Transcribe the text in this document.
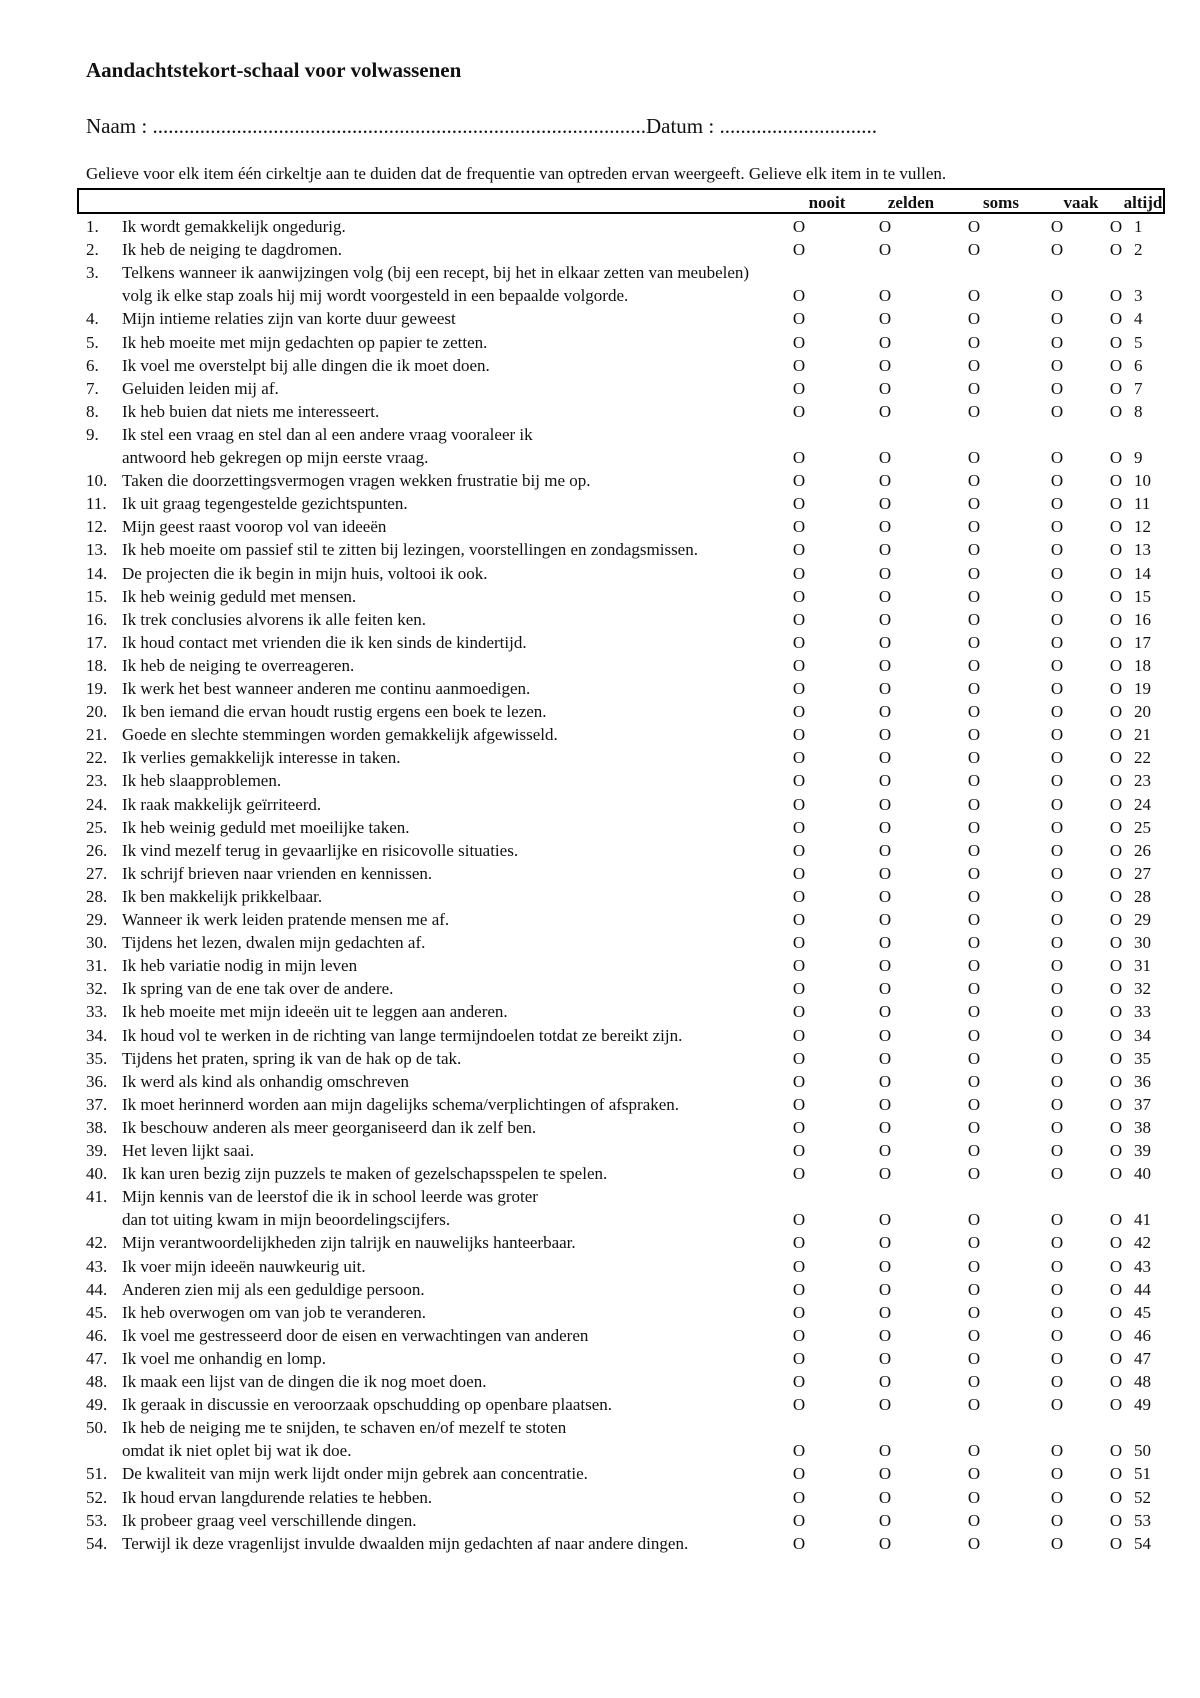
Aandachtstekort-schaal voor volwassenen
Naam : ..............................................................................................Datum : ..............................
Gelieve voor elk item één cirkeltje aan te duiden dat de frequentie van optreden ervan weergeeft. Gelieve elk item in te vullen.
nooit	zelden	soms	vaak	altijd
1.	Ik wordt gemakkelijk ongedurig.	O	O	O	O	O 1
2.	Ik heb de neiging te dagdromen.	O	O	O	O	O 2
3.	Telkens wanneer ik aanwijzingen volg (bij een recept, bij het in elkaar zetten van meubelen)
volg ik elke stap zoals hij mij wordt voorgesteld in een bepaalde volgorde.	O	O	O	O	O 3
4.	Mijn intieme relaties zijn van korte duur geweest	O	O	O	O	O 4
5.	Ik heb moeite met mijn gedachten op papier te zetten.	O	O	O	O	O 5
6.	Ik voel me overstelpt bij alle dingen die ik moet doen.	O	O	O	O	O 6
7.	Geluiden leiden mij af.	O	O	O	O	O 7
8.	Ik heb buien dat niets me interesseert.	O	O	O	O	O 8
9.	Ik stel een vraag en stel dan al een andere vraag vooraleer ik
antwoord heb gekregen op mijn eerste vraag.	O	O	O	O	O 9
10. Taken die doorzettingsvermogen vragen wekken frustratie bij me op.	O	O	O	O	O 10
11. Ik uit graag tegengestelde gezichtspunten.	O	O	O	O	O 11
12. Mijn geest raast voorop vol van ideeën	O	O	O	O	O 12
13. Ik heb moeite om passief stil te zitten bij lezingen, voorstellingen en zondagsmissen.	O	O	O	O	O 13
14. De projecten die ik begin in mijn huis, voltooi ik ook.	O	O	O	O	O 14
15. Ik heb weinig geduld met mensen.	O	O	O	O	O 15
16. Ik trek conclusies alvorens ik alle feiten ken.	O	O	O	O	O 16
17. Ik houd contact met vrienden die ik ken sinds de kindertijd.	O	O	O	O	O 17
18. Ik heb de neiging te overreageren.	O	O	O	O	O 18
19. Ik werk het best wanneer anderen me continu aanmoedigen.	O	O	O	O	O 19
20. Ik ben iemand die ervan houdt rustig ergens een boek te lezen.	O	O	O	O	O 20
21. Goede en slechte stemmingen worden gemakkelijk afgewisseld.	O	O	O	O	O 21
22. Ik verlies gemakkelijk interesse in taken.	O	O	O	O	O 22
23. Ik heb slaapproblemen.	O	O	O	O	O 23
24. Ik raak makkelijk geïrriteerd.	O	O	O	O	O 24
25. Ik heb weinig geduld met moeilijke taken.	O	O	O	O	O 25
26. Ik vind mezelf terug in gevaarlijke en risicovolle situaties.	O	O	O	O	O 26
27. Ik schrijf brieven naar vrienden en kennissen.	O	O	O	O	O 27
28. Ik ben makkelijk prikkelbaar.	O	O	O	O	O 28
29. Wanneer ik werk leiden pratende mensen me af.	O	O	O	O	O 29
30. Tijdens het lezen, dwalen mijn gedachten af.	O	O	O	O	O 30
31. Ik heb variatie nodig in mijn leven	O	O	O	O	O 31
32. Ik spring van de ene tak over de andere.	O	O	O	O	O 32
33. Ik heb moeite met mijn ideeën uit te leggen aan anderen.	O	O	O	O	O 33
34. Ik houd vol te werken in de richting van lange termijndoelen totdat ze bereikt zijn.	O	O	O	O	O 34
35. Tijdens het praten, spring ik van de hak op de tak.	O	O	O	O	O 35
36. Ik werd als kind als onhandig omschreven	O	O	O	O	O 36
37. Ik moet herinnerd worden aan mijn dagelijks schema/verplichtingen of afspraken.	O	O	O	O	O 37
38. Ik beschouw anderen als meer georganiseerd dan ik zelf ben.	O	O	O	O	O 38
39. Het leven lijkt saai.	O	O	O	O	O 39
40. Ik kan uren bezig zijn puzzels te maken of gezelschapsspelen te spelen.	O	O	O	O	O 40
41. Mijn kennis van de leerstof die ik in school leerde was groter
dan tot uiting kwam in mijn beoordelingscijfers.	O	O	O	O	O 41
42. Mijn verantwoordelijkheden zijn talrijk en nauwelijks hanteerbaar.	O	O	O	O	O 42
43. Ik voer mijn ideeën nauwkeurig uit.	O	O	O	O	O 43
44. Anderen zien mij als een geduldige persoon.	O	O	O	O	O 44
45. Ik heb overwogen om van job te veranderen.	O	O	O	O	O 45
46. Ik voel me gestresseerd door de eisen en verwachtingen van anderen	O	O	O	O	O 46
47. Ik voel me onhandig en lomp.	O	O	O	O	O 47
48. Ik maak een lijst van de dingen die ik nog moet doen.	O	O	O	O	O 48
49. Ik geraak in discussie en veroorzaak opschudding op openbare plaatsen.	O	O	O	O	O 49
50. Ik heb de neiging me te snijden, te schaven en/of mezelf te stoten
omdat ik niet oplet bij wat ik doe.	O	O	O	O	O 50
51. De kwaliteit van mijn werk lijdt onder mijn gebrek aan concentratie.	O	O	O	O	O 51
52. Ik houd ervan langdurende relaties te hebben.	O	O	O	O	O 52
53. Ik probeer graag veel verschillende dingen.	O	O	O	O	O 53
54. Terwijl ik deze vragenlijst invulde dwaalden mijn gedachten af naar andere dingen.	O	O	O	O	O 54
